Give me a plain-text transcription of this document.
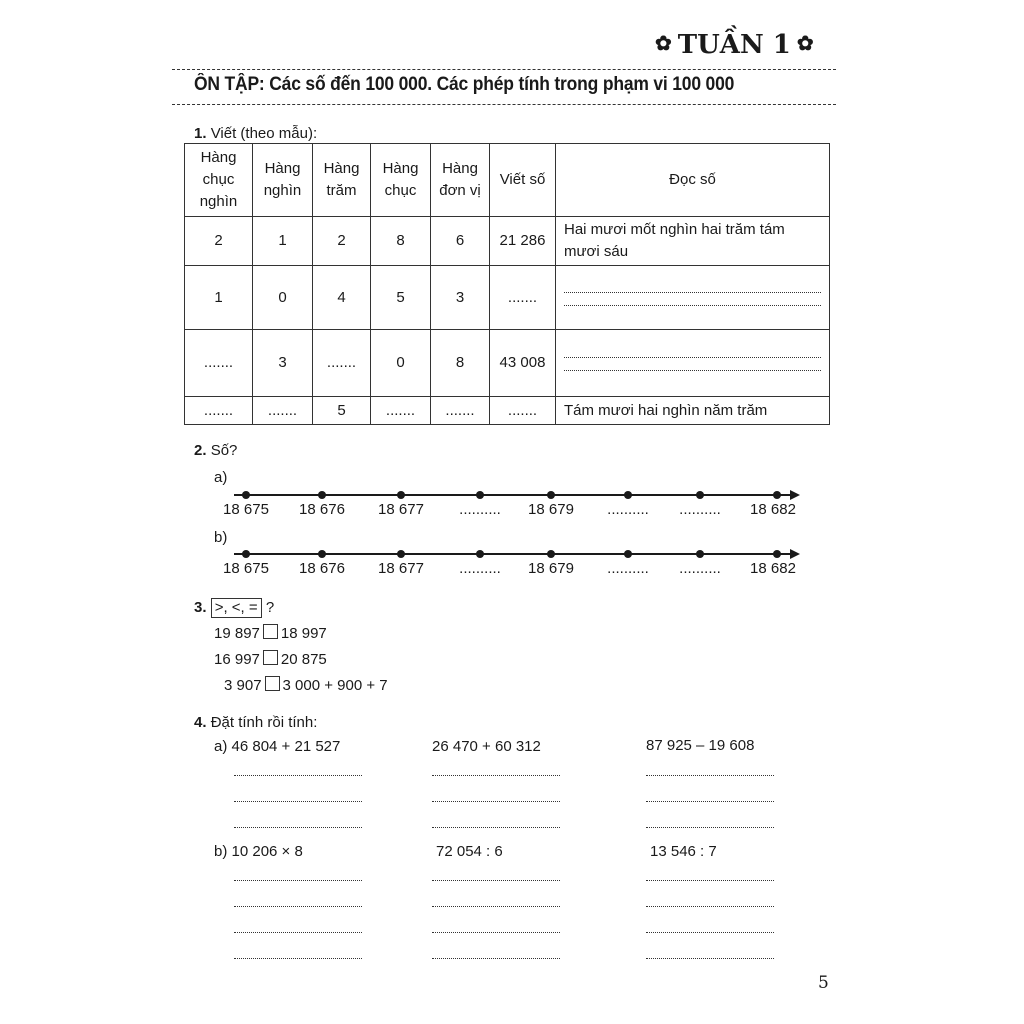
✿ TUẦN 1 ✿
ÔN TẬP: Các số đến 100 000. Các phép tính trong phạm vi 100 000
1. Viết (theo mẫu):
Hàng chục nghìn	Hàng nghìn	Hàng trăm	Hàng chục	Hàng đơn vị	Viết số	Đọc số
2	1	2	8	6	21 286	Hai mươi mốt nghìn hai trăm tám mươi sáu
1	0	4	5	3	.......	

.......	3	.......	0	8	43 008	

.......	.......	5	.......	.......	.......	Tám mươi hai nghìn năm trăm
2. Số?
a)
b)
18 675 18 676 18 677 .......... 18 679 .......... .......... 18 682
18 675 18 676 18 677 .......... 18 679 .......... .......... 18 682
3. >, <, = ?
19 897 18 997
16 997 20 875
3 907 3 000 + 900 + 7
4. Đặt tính rồi tính:
a) 46 804 + 21 527	26 470 + 60 312	87 925 – 19 608
b) 10 206 × 8	72 054 : 6	13 546 : 7
5
